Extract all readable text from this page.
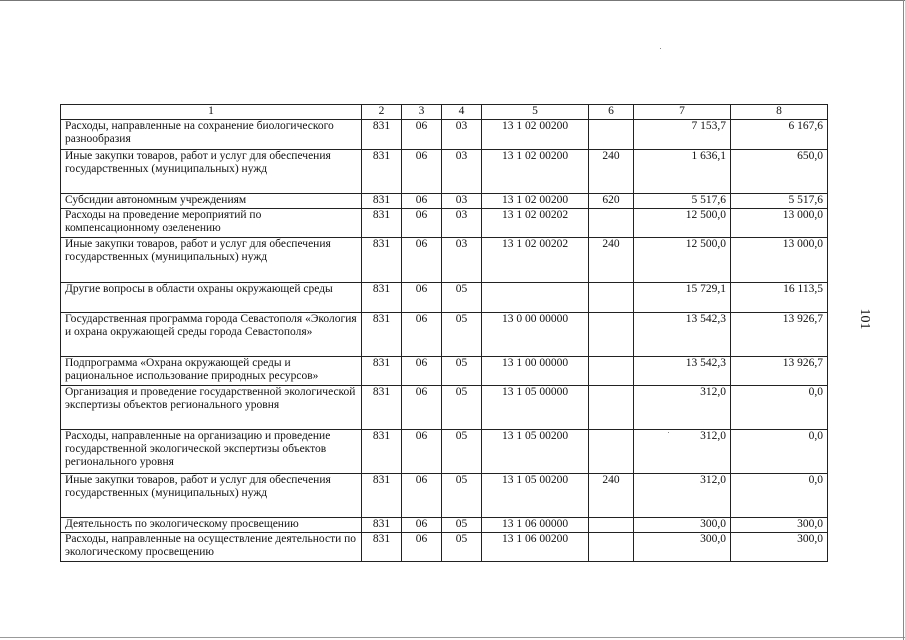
1	2	3	4	5	6	7	8
Расходы, направленные на сохранение биологического разнообразия	831	06	03	13 1 02 00200		7 153,7	6 167,6
Иные закупки товаров, работ и услуг для обеспечения государственных (муниципальных) нужд	831	06	03	13 1 02 00200	240	1 636,1	650,0
Субсидии автономным учреждениям	831	06	03	13 1 02 00200	620	5 517,6	5 517,6
Расходы на проведение мероприятий по компенсационному озеленению	831	06	03	13 1 02 00202		12 500,0	13 000,0
Иные закупки товаров, работ и услуг для обеспечения государственных (муниципальных) нужд	831	06	03	13 1 02 00202	240	12 500,0	13 000,0
Другие вопросы в области охраны окружающей среды	831	06	05			15 729,1	16 113,5
Государственная программа города Севастополя «Экология и охрана окружающей среды города Севастополя»	831	06	05	13 0 00 00000		13 542,3	13 926,7
Подпрограмма «Охрана окружающей среды и рациональное использование природных ресурсов»	831	06	05	13 1 00 00000		13 542,3	13 926,7
Организация и проведение государственной экологической экспертизы объектов регионального уровня	831	06	05	13 1 05 00000		312,0	0,0
Расходы, направленные на организацию и проведение государственной экологической экспертизы объектов регионального уровня	831	06	05	13 1 05 00200		312,0	0,0
Иные закупки товаров, работ и услуг для обеспечения государственных (муниципальных) нужд	831	06	05	13 1 05 00200	240	312,0	0,0
Деятельность по экологическому просвещению	831	06	05	13 1 06 00000		300,0	300,0
Расходы, направленные на осуществление деятельности по экологическому просвещению	831	06	05	13 1 06 00200		300,0	300,0
101
